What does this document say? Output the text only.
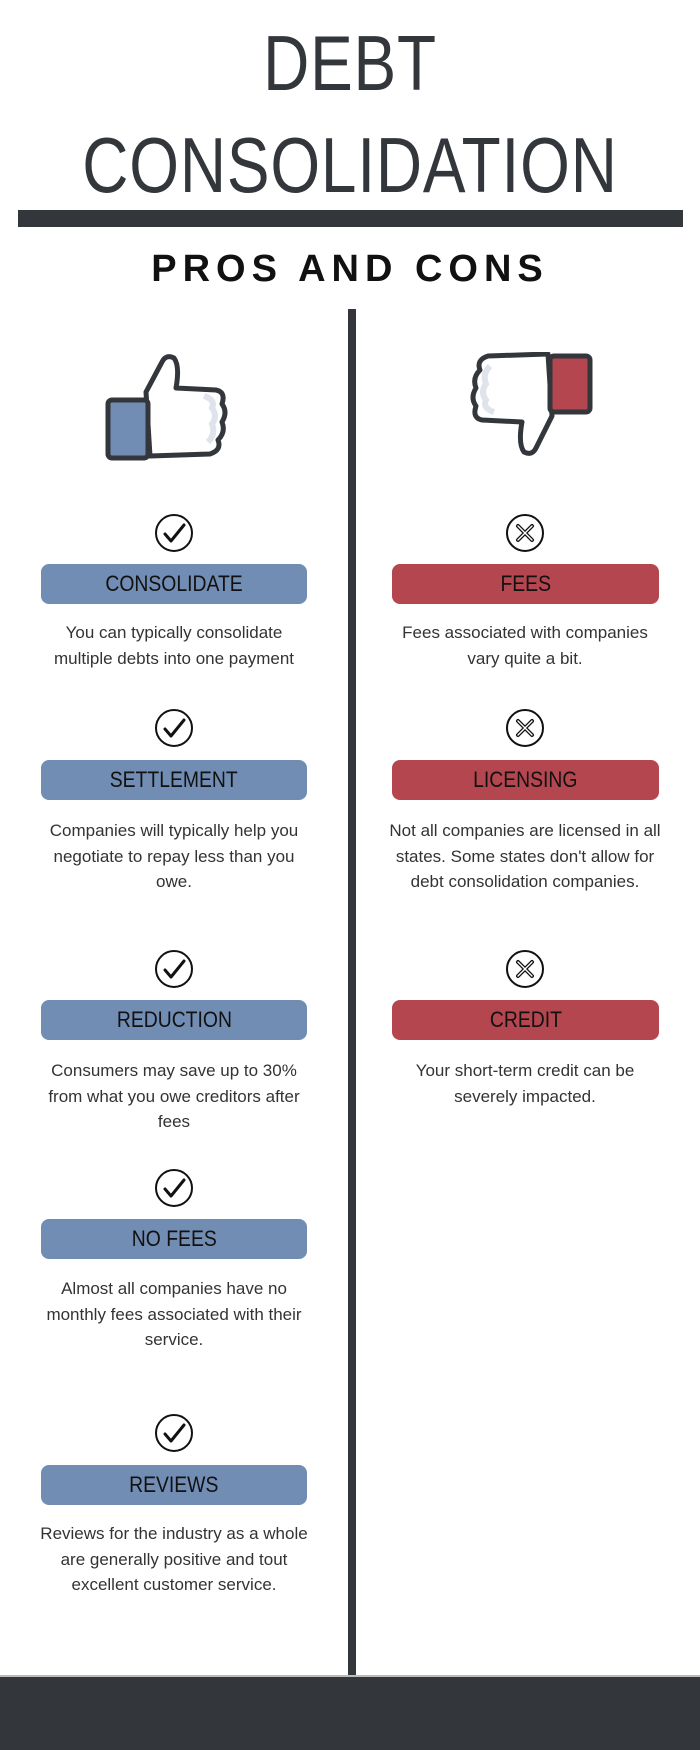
DEBT
CONSOLIDATION
PROS AND CONS
CONSOLIDATE
You can typically consolidate multiple debts into one payment
SETTLEMENT
Companies will typically help you negotiate to repay less than you owe.
REDUCTION
Consumers may save up to 30% from what you owe creditors after fees
NO FEES
Almost all companies have no monthly fees associated with their service.
REVIEWS
Reviews for the industry as a whole are generally positive and tout excellent customer service.
FEES
Fees associated with companies vary quite a bit.
LICENSING
Not all companies are licensed in all states. Some states don't allow for debt consolidation companies.
CREDIT
Your short-term credit can be severely impacted.
